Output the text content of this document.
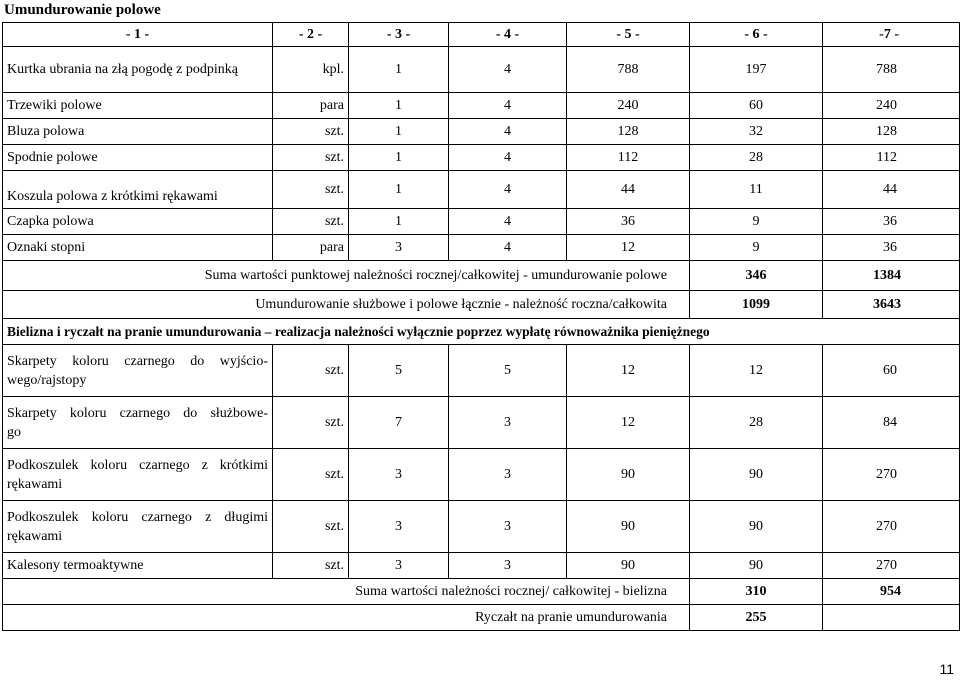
Umundurowanie polowe
- 1 -	- 2 -	- 3 -	- 4 -	- 5 -	- 6 -	-7 -
Kurtka ubrania na złą pogodę z podpinką	kpl.	1	4	788	197	788
Trzewiki polowe	para	1	4	240	60	240
Bluza polowa	szt.	1	4	128	32	128
Spodnie polowe	szt.	1	4	112	28	112
Koszula polowa z krótkimi rękawami	szt.	1	4	44	11	44
Czapka polowa	szt.	1	4	36	9	36
Oznaki stopni	para	3	4	12	9	36
Suma wartości punktowej należności rocznej/całkowitej - umundurowanie polowe					346	1384
Umundurowanie służbowe i polowe łącznie - należność roczna/całkowita					1099	3643
Bielizna i ryczałt na pranie umundurowania – realizacja należności wyłącznie poprzez wypłatę równoważnika pieniężnego						

Skarpety koloru czarnego do wyjścio-
wego/rajstopy	szt.	5	5	12	12	60

Skarpety koloru czarnego do służbowe-
go	szt.	7	3	12	28	84

Podkoszulek koloru czarnego z krótkimi
rękawami	szt.	3	3	90	90	270

Podkoszulek koloru czarnego z długimi
rękawami	szt.	3	3	90	90	270
Kalesony termoaktywne	szt.	3	3	90	90	270
Suma wartości należności rocznej/ całkowitej - bielizna					310	954
Ryczałt na pranie umundurowania					255	
11
